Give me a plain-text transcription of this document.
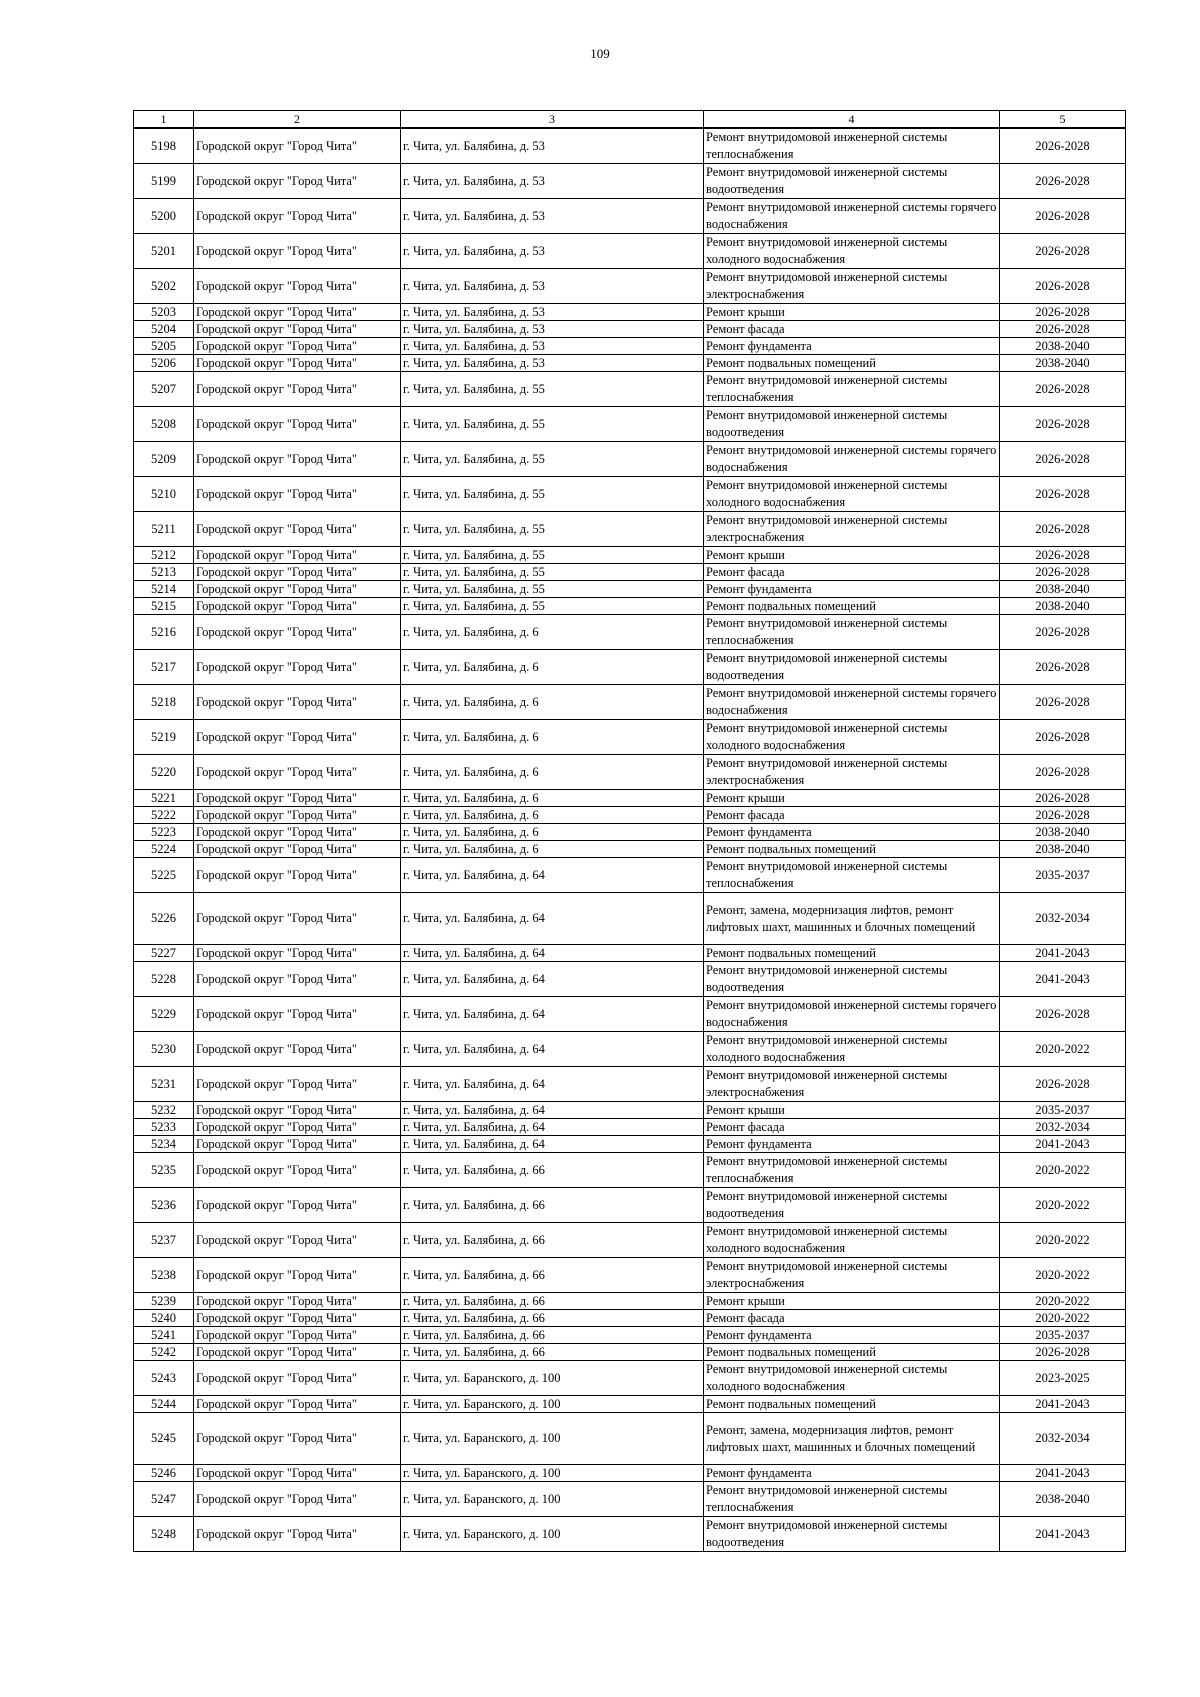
109
1	2	3	4	5
5198	Городской округ "Город Чита"	г. Чита, ул. Балябина, д. 53	Ремонт внутридомовой инженерной системы теплоснабжения	2026-2028
5199	Городской округ "Город Чита"	г. Чита, ул. Балябина, д. 53	Ремонт внутридомовой инженерной системы водоотведения	2026-2028
5200	Городской округ "Город Чита"	г. Чита, ул. Балябина, д. 53	Ремонт внутридомовой инженерной системы горячего водоснабжения	2026-2028
5201	Городской округ "Город Чита"	г. Чита, ул. Балябина, д. 53	Ремонт внутридомовой инженерной системы холодного водоснабжения	2026-2028
5202	Городской округ "Город Чита"	г. Чита, ул. Балябина, д. 53	Ремонт внутридомовой инженерной системы электроснабжения	2026-2028
5203	Городской округ "Город Чита"	г. Чита, ул. Балябина, д. 53	Ремонт крыши	2026-2028
5204	Городской округ "Город Чита"	г. Чита, ул. Балябина, д. 53	Ремонт фасада	2026-2028
5205	Городской округ "Город Чита"	г. Чита, ул. Балябина, д. 53	Ремонт фундамента	2038-2040
5206	Городской округ "Город Чита"	г. Чита, ул. Балябина, д. 53	Ремонт подвальных помещений	2038-2040
5207	Городской округ "Город Чита"	г. Чита, ул. Балябина, д. 55	Ремонт внутридомовой инженерной системы теплоснабжения	2026-2028
5208	Городской округ "Город Чита"	г. Чита, ул. Балябина, д. 55	Ремонт внутридомовой инженерной системы водоотведения	2026-2028
5209	Городской округ "Город Чита"	г. Чита, ул. Балябина, д. 55	Ремонт внутридомовой инженерной системы горячего водоснабжения	2026-2028
5210	Городской округ "Город Чита"	г. Чита, ул. Балябина, д. 55	Ремонт внутридомовой инженерной системы холодного водоснабжения	2026-2028
5211	Городской округ "Город Чита"	г. Чита, ул. Балябина, д. 55	Ремонт внутридомовой инженерной системы электроснабжения	2026-2028
5212	Городской округ "Город Чита"	г. Чита, ул. Балябина, д. 55	Ремонт крыши	2026-2028
5213	Городской округ "Город Чита"	г. Чита, ул. Балябина, д. 55	Ремонт фасада	2026-2028
5214	Городской округ "Город Чита"	г. Чита, ул. Балябина, д. 55	Ремонт фундамента	2038-2040
5215	Городской округ "Город Чита"	г. Чита, ул. Балябина, д. 55	Ремонт подвальных помещений	2038-2040
5216	Городской округ "Город Чита"	г. Чита, ул. Балябина, д. 6	Ремонт внутридомовой инженерной системы теплоснабжения	2026-2028
5217	Городской округ "Город Чита"	г. Чита, ул. Балябина, д. 6	Ремонт внутридомовой инженерной системы водоотведения	2026-2028
5218	Городской округ "Город Чита"	г. Чита, ул. Балябина, д. 6	Ремонт внутридомовой инженерной системы горячего водоснабжения	2026-2028
5219	Городской округ "Город Чита"	г. Чита, ул. Балябина, д. 6	Ремонт внутридомовой инженерной системы холодного водоснабжения	2026-2028
5220	Городской округ "Город Чита"	г. Чита, ул. Балябина, д. 6	Ремонт внутридомовой инженерной системы электроснабжения	2026-2028
5221	Городской округ "Город Чита"	г. Чита, ул. Балябина, д. 6	Ремонт крыши	2026-2028
5222	Городской округ "Город Чита"	г. Чита, ул. Балябина, д. 6	Ремонт фасада	2026-2028
5223	Городской округ "Город Чита"	г. Чита, ул. Балябина, д. 6	Ремонт фундамента	2038-2040
5224	Городской округ "Город Чита"	г. Чита, ул. Балябина, д. 6	Ремонт подвальных помещений	2038-2040
5225	Городской округ "Город Чита"	г. Чита, ул. Балябина, д. 64	Ремонт внутридомовой инженерной системы теплоснабжения	2035-2037
5226	Городской округ "Город Чита"	г. Чита, ул. Балябина, д. 64	Ремонт, замена, модернизация лифтов, ремонт лифтовых шахт, машинных и блочных помещений	2032-2034
5227	Городской округ "Город Чита"	г. Чита, ул. Балябина, д. 64	Ремонт подвальных помещений	2041-2043
5228	Городской округ "Город Чита"	г. Чита, ул. Балябина, д. 64	Ремонт внутридомовой инженерной системы водоотведения	2041-2043
5229	Городской округ "Город Чита"	г. Чита, ул. Балябина, д. 64	Ремонт внутридомовой инженерной системы горячего водоснабжения	2026-2028
5230	Городской округ "Город Чита"	г. Чита, ул. Балябина, д. 64	Ремонт внутридомовой инженерной системы холодного водоснабжения	2020-2022
5231	Городской округ "Город Чита"	г. Чита, ул. Балябина, д. 64	Ремонт внутридомовой инженерной системы электроснабжения	2026-2028
5232	Городской округ "Город Чита"	г. Чита, ул. Балябина, д. 64	Ремонт крыши	2035-2037
5233	Городской округ "Город Чита"	г. Чита, ул. Балябина, д. 64	Ремонт фасада	2032-2034
5234	Городской округ "Город Чита"	г. Чита, ул. Балябина, д. 64	Ремонт фундамента	2041-2043
5235	Городской округ "Город Чита"	г. Чита, ул. Балябина, д. 66	Ремонт внутридомовой инженерной системы теплоснабжения	2020-2022
5236	Городской округ "Город Чита"	г. Чита, ул. Балябина, д. 66	Ремонт внутридомовой инженерной системы водоотведения	2020-2022
5237	Городской округ "Город Чита"	г. Чита, ул. Балябина, д. 66	Ремонт внутридомовой инженерной системы холодного водоснабжения	2020-2022
5238	Городской округ "Город Чита"	г. Чита, ул. Балябина, д. 66	Ремонт внутридомовой инженерной системы электроснабжения	2020-2022
5239	Городской округ "Город Чита"	г. Чита, ул. Балябина, д. 66	Ремонт крыши	2020-2022
5240	Городской округ "Город Чита"	г. Чита, ул. Балябина, д. 66	Ремонт фасада	2020-2022
5241	Городской округ "Город Чита"	г. Чита, ул. Балябина, д. 66	Ремонт фундамента	2035-2037
5242	Городской округ "Город Чита"	г. Чита, ул. Балябина, д. 66	Ремонт подвальных помещений	2026-2028
5243	Городской округ "Город Чита"	г. Чита, ул. Баранского, д. 100	Ремонт внутридомовой инженерной системы холодного водоснабжения	2023-2025
5244	Городской округ "Город Чита"	г. Чита, ул. Баранского, д. 100	Ремонт подвальных помещений	2041-2043
5245	Городской округ "Город Чита"	г. Чита, ул. Баранского, д. 100	Ремонт, замена, модернизация лифтов, ремонт лифтовых шахт, машинных и блочных помещений	2032-2034
5246	Городской округ "Город Чита"	г. Чита, ул. Баранского, д. 100	Ремонт фундамента	2041-2043
5247	Городской округ "Город Чита"	г. Чита, ул. Баранского, д. 100	Ремонт внутридомовой инженерной системы теплоснабжения	2038-2040
5248	Городской округ "Город Чита"	г. Чита, ул. Баранского, д. 100	Ремонт внутридомовой инженерной системы водоотведения	2041-2043
